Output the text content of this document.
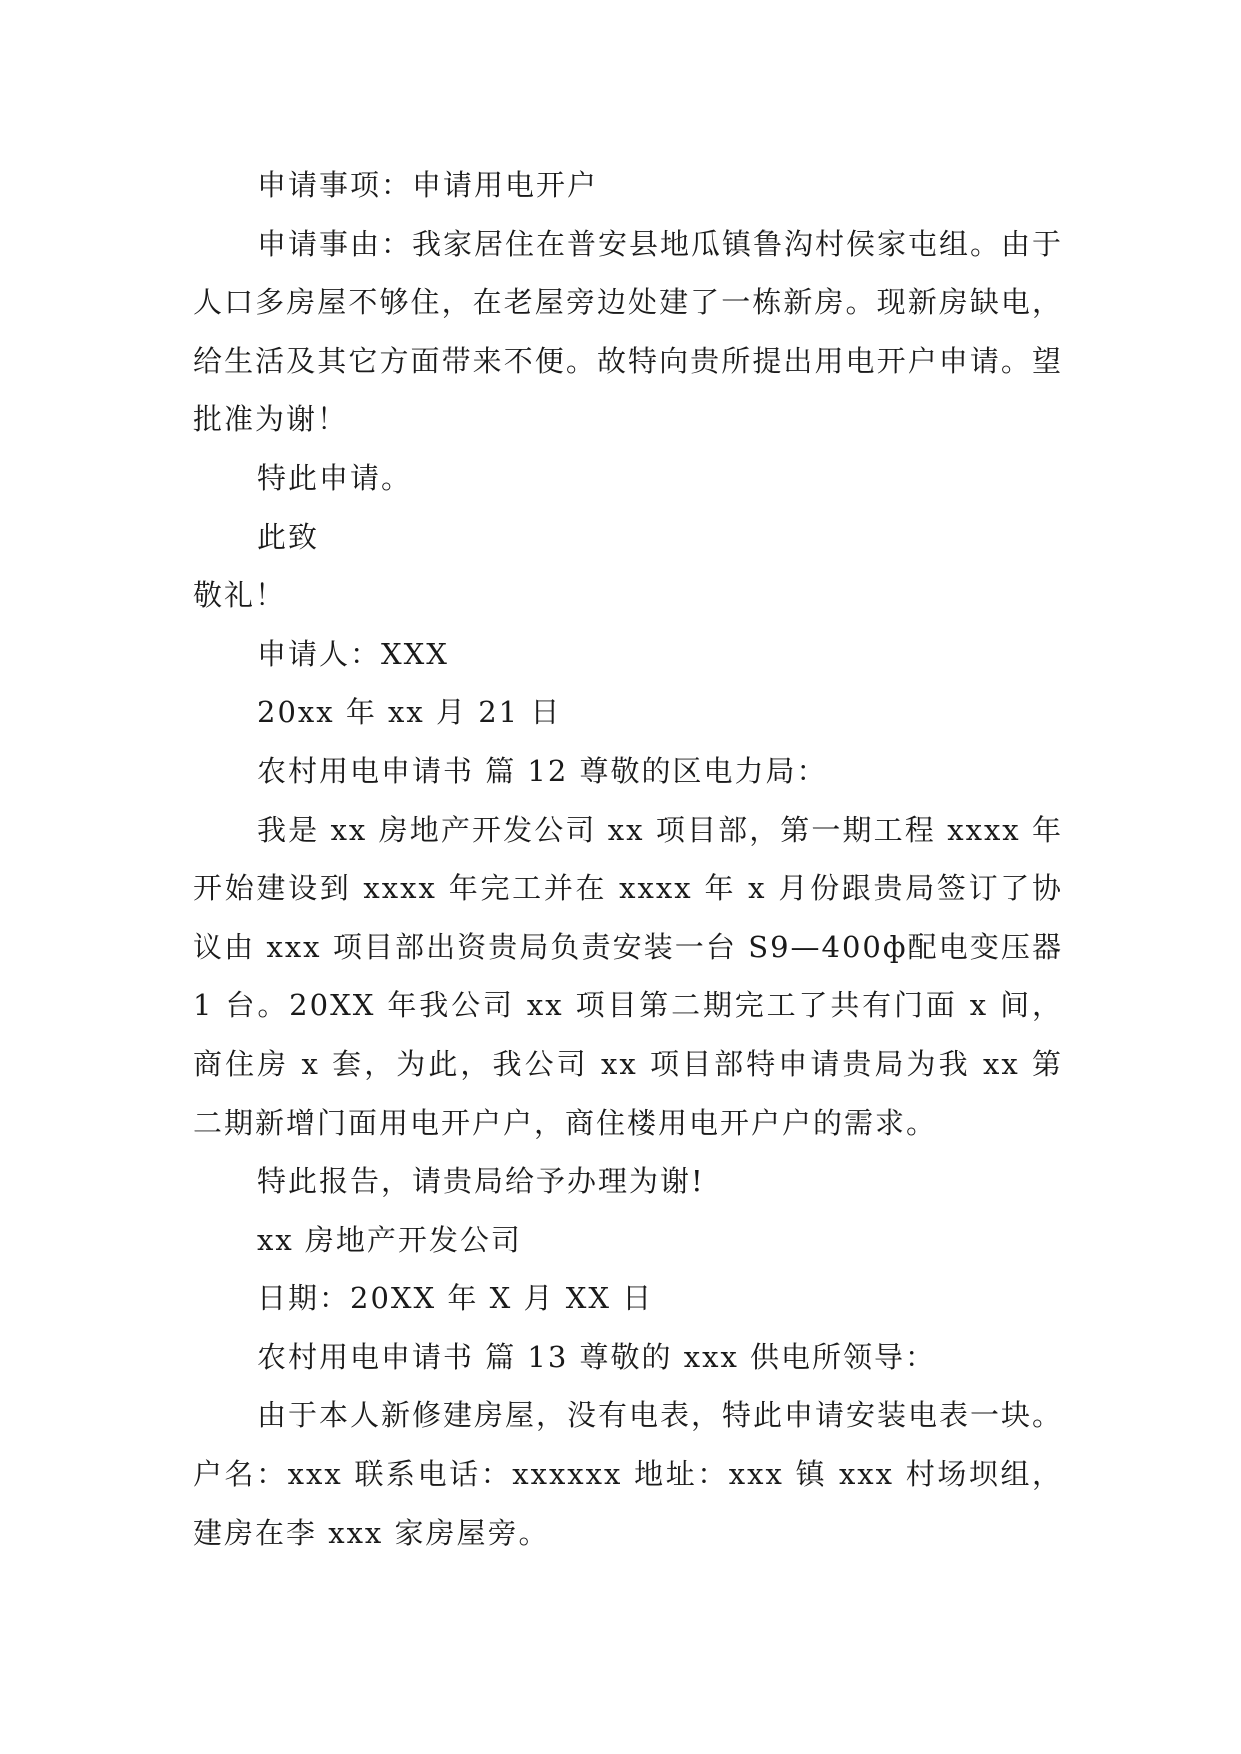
申请事项：申请用电开户

申请事由：我家居住在普安县地瓜镇鲁沟村侯家屯组。由于人口多房屋不够住，在老屋旁边处建了一栋新房。现新房缺电，给生活及其它方面带来不便。故特向贵所提出用电开户申请。望批准为谢！

特此申请。

此致

敬礼！

申请人：XXX

20xx 年 xx 月 21 日

农村用电申请书 篇 12 尊敬的区电力局：

我是 xx 房地产开发公司 xx 项目部，第一期工程 xxxx 年开始建设到 xxxx 年完工并在 xxxx 年 x 月份跟贵局签订了协议由 xxx 项目部出资贵局负责安装一台 S9—400ф配电变压器 1 台。20XX 年我公司 xx 项目第二期完工了共有门面 x 间，商住房 x 套，为此，我公司 xx 项目部特申请贵局为我 xx 第二期新增门面用电开户户，商住楼用电开户户的需求。

特此报告，请贵局给予办理为谢!

xx 房地产开发公司

日期：20XX 年 X 月 XX 日

农村用电申请书 篇 13 尊敬的 xxx 供电所领导：

由于本人新修建房屋，没有电表，特此申请安装电表一块。户名：xxx 联系电话：xxxxxx 地址：xxx 镇 xxx 村场坝组，建房在李 xxx 家房屋旁。
